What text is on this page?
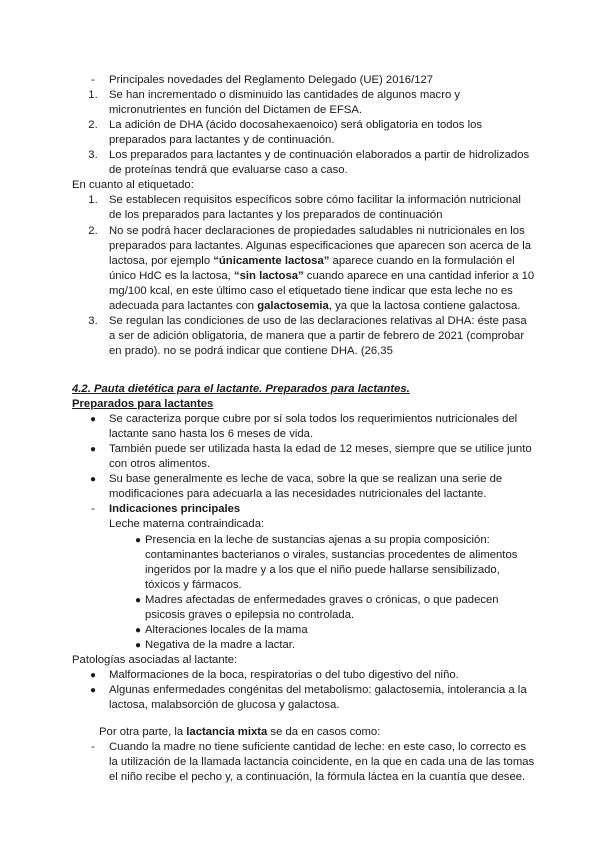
-	Principales novedades del Reglamento Delegado (UE) 2016/127
1. Se han incrementado o disminuido las cantidades de algunos macro y
micronutrientes en función del Dictamen de EFSA.
2. La adición de DHA (ácido docosahexaenoico) será obligatoria en todos los
preparados para lactantes y de continuación.
3. Los preparados para lactantes y de continuación elaborados a partir de hidrolizados
de proteínas tendrá que evaluarse caso a caso.
En cuanto al etiquetado:
1. Se establecen requisitos específicos sobre cómo facilitar la información nutricional
de los preparados para lactantes y los preparados de continuación
2. No se podrá hacer declaraciones de propiedades saludables ni nutricionales en los
preparados para lactantes. Algunas especificaciones que aparecen son acerca de la
lactosa, por ejemplo “únicamente lactosa” aparece cuando en la formulación el
único HdC es la lactosa, “sin lactosa” cuando aparece en una cantidad inferior a 10
mg/100 kcal, en este último caso el etiquetado tiene indicar que esta leche no es
adecuada para lactantes con galactosemia, ya que la lactosa contiene galactosa.
3. Se regulan las condiciones de uso de las declaraciones relativas al DHA: éste pasa
a ser de adición obligatoria, de manera que a partir de febrero de 2021 (comprobar
en prado). no se podrá indicar que contiene DHA. (26,35
4.2. Pauta dietética para el lactante. Preparados para lactantes.
Preparados para lactantes
●	Se caracteriza porque cubre por sí sola todos los requerimientos nutricionales del
lactante sano hasta los 6 meses de vida.
●	También puede ser utilizada hasta la edad de 12 meses, siempre que se utilice junto
con otros alimentos.
●	Su base generalmente es leche de vaca, sobre la que se realizan una serie de
modificaciones para adecuarla a las necesidades nutricionales del lactante.
-	Indicaciones principales
Leche materna contraindicada:
● Presencia en la leche de sustancias ajenas a su propia composición:
contaminantes bacterianos o virales, sustancias procedentes de alimentos
ingeridos por la madre y a los que el niño puede hallarse sensibilizado,
tóxicos y fármacos.
● Madres afectadas de enfermedades graves o crónicas, o que padecen
psicosis graves o epilepsia no controlada.
● Alteraciones locales de la mama
● Negativa de la madre a lactar.
Patologías asociadas al lactante:
●	Malformaciones de la boca, respiratorias o del tubo digestivo del niño.
●	Algunas enfermedades congénitas del metabolismo: galactosemia, intolerancia a la
lactosa, malabsorción de glucosa y galactosa.
Por otra parte, la lactancia mixta se da en casos como:
-	Cuando la madre no tiene suficiente cantidad de leche: en este caso, lo correcto es
la utilización de la llamada lactancia coincidente, en la que en cada una de las tomas
el niño recibe el pecho y, a continuación, la fórmula láctea en la cuantía que desee.
